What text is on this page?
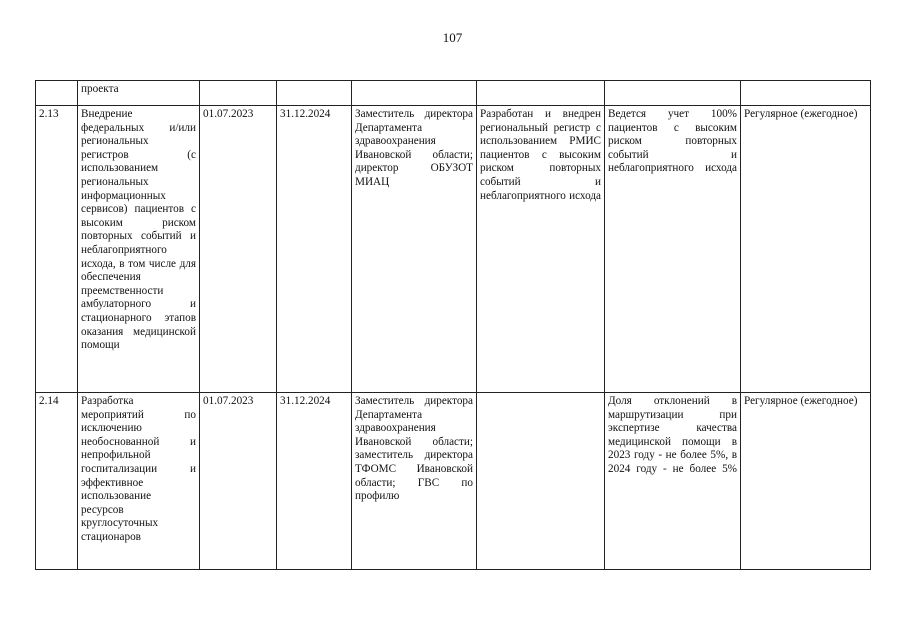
107
	проекта						
2.13	Внедрение федеральных и/или региональных регистров (с использованием региональных информационных сервисов) пациентов с высоким риском повторных событий и неблагоприятного исхода, в том числе для обеспечения преемственности амбулаторного и стационарного этапов оказания медицинской помощи	01.07.2023	31.12.2024	Заместитель директора Департамента здравоохранения Ивановской области; директор ОБУЗОТ МИАЦ	Разработан и внедрен региональный регистр с использованием РМИС пациентов с высоким риском повторных событий и неблагоприятного исхода	Ведется учет 100% пациентов с высоким риском повторных событий и неблагоприятного исхода	Регулярное (ежегодное)
2.14	Разработка мероприятий по исключению необоснованной и непрофильной госпитализации и эффективное использование ресурсов круглосуточных стационаров	01.07.2023	31.12.2024	Заместитель директора Департамента здравоохранения Ивановской области; заместитель директора ТФОМС Ивановской области; ГВС по профилю		Доля отклонений в маршрутизации при экспертизе качества медицинской помощи в 2023 году - не более 5%, в 2024 году - не более 5%	Регулярное (ежегодное)
